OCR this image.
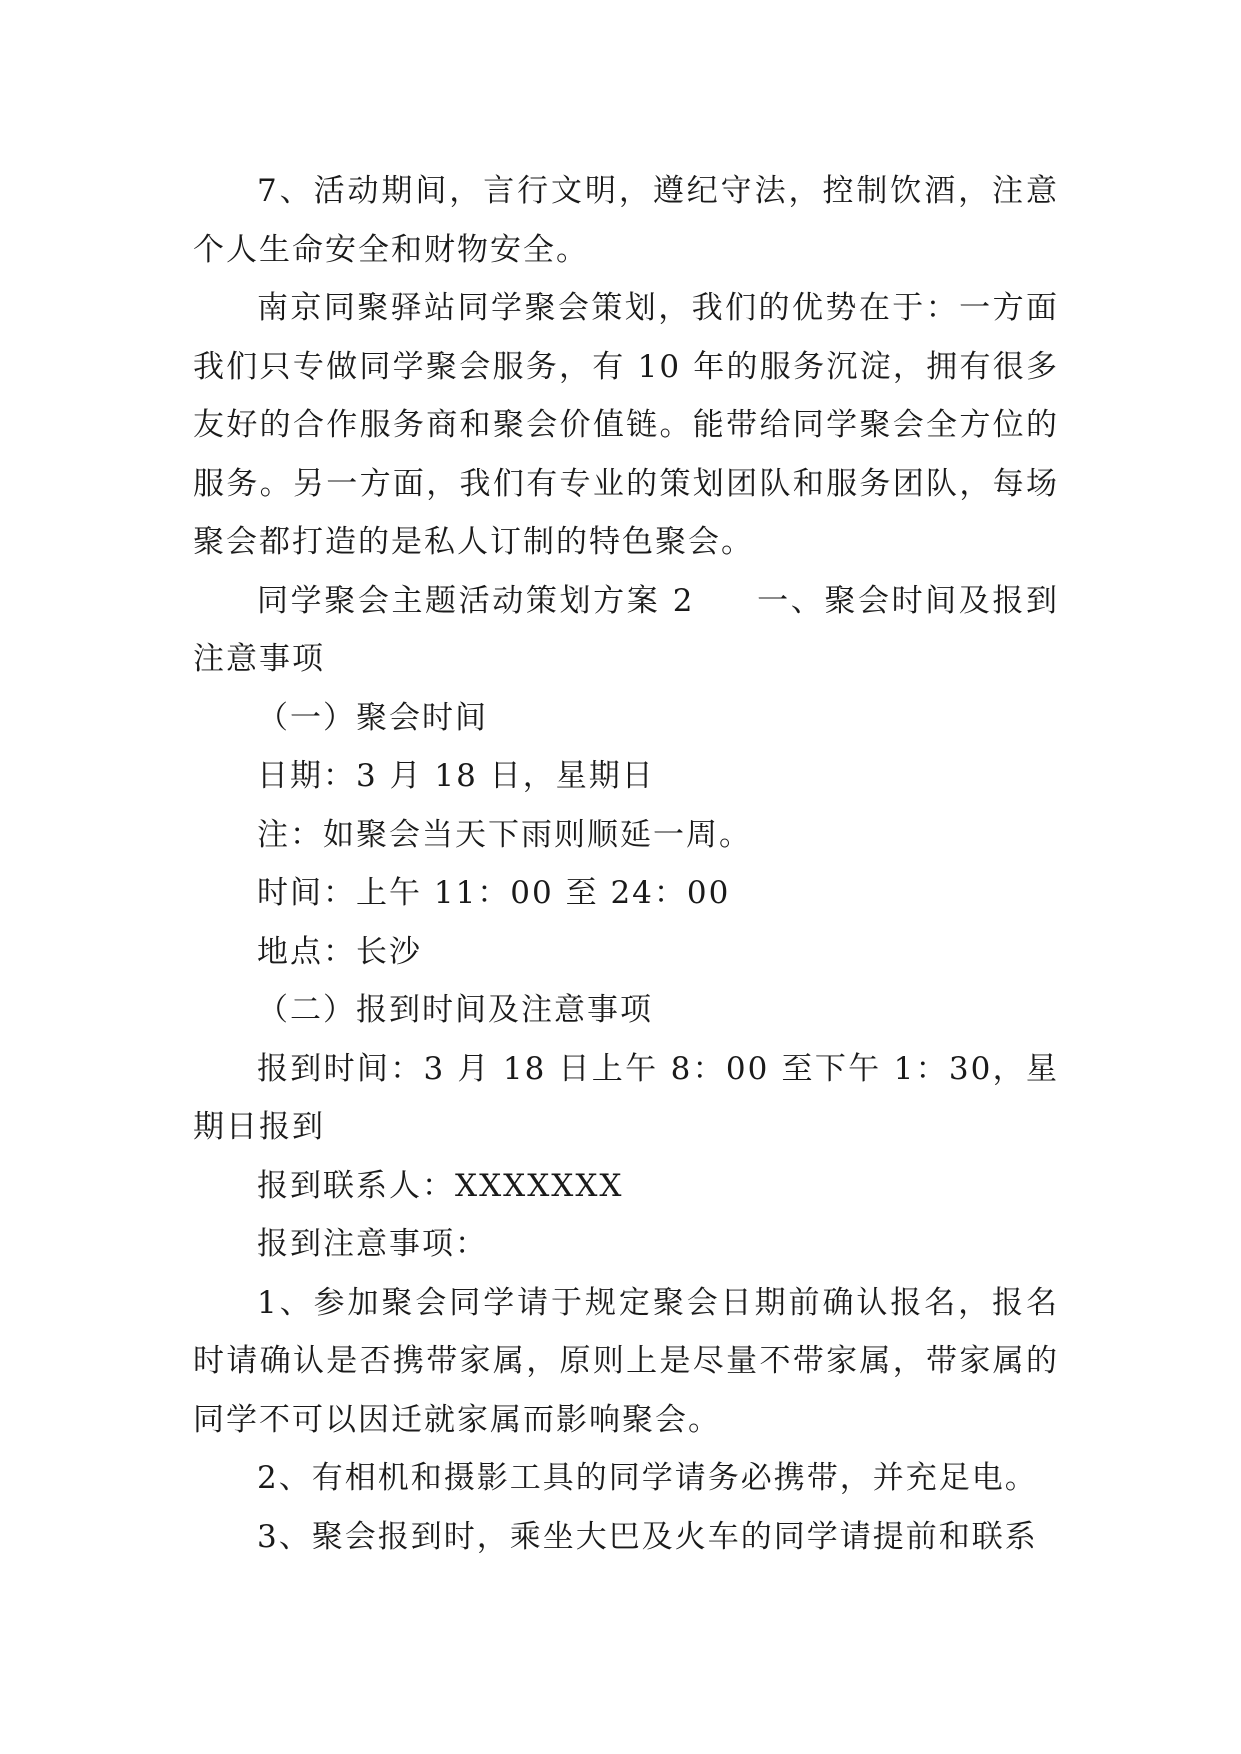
7、活动期间，言行文明，遵纪守法，控制饮酒，注意个人生命安全和财物安全。

南京同聚驿站同学聚会策划，我们的优势在于：一方面我们只专做同学聚会服务，有 10 年的服务沉淀，拥有很多友好的合作服务商和聚会价值链。能带给同学聚会全方位的服务。另一方面，我们有专业的策划团队和服务团队，每场聚会都打造的是私人订制的特色聚会。

同学聚会主题活动策划方案 2 一、聚会时间及报到注意事项

（一）聚会时间

日期：3 月 18 日，星期日

注：如聚会当天下雨则顺延一周。

时间：上午 11：00 至 24：00

地点：长沙

（二）报到时间及注意事项

报到时间：3 月 18 日上午 8：00 至下午 1：30，星期日报到

报到联系人：XXXXXXX

报到注意事项：

1、参加聚会同学请于规定聚会日期前确认报名，报名时请确认是否携带家属，原则上是尽量不带家属，带家属的同学不可以因迁就家属而影响聚会。

2、有相机和摄影工具的同学请务必携带，并充足电。

3、聚会报到时，乘坐大巴及火车的同学请提前和联系
